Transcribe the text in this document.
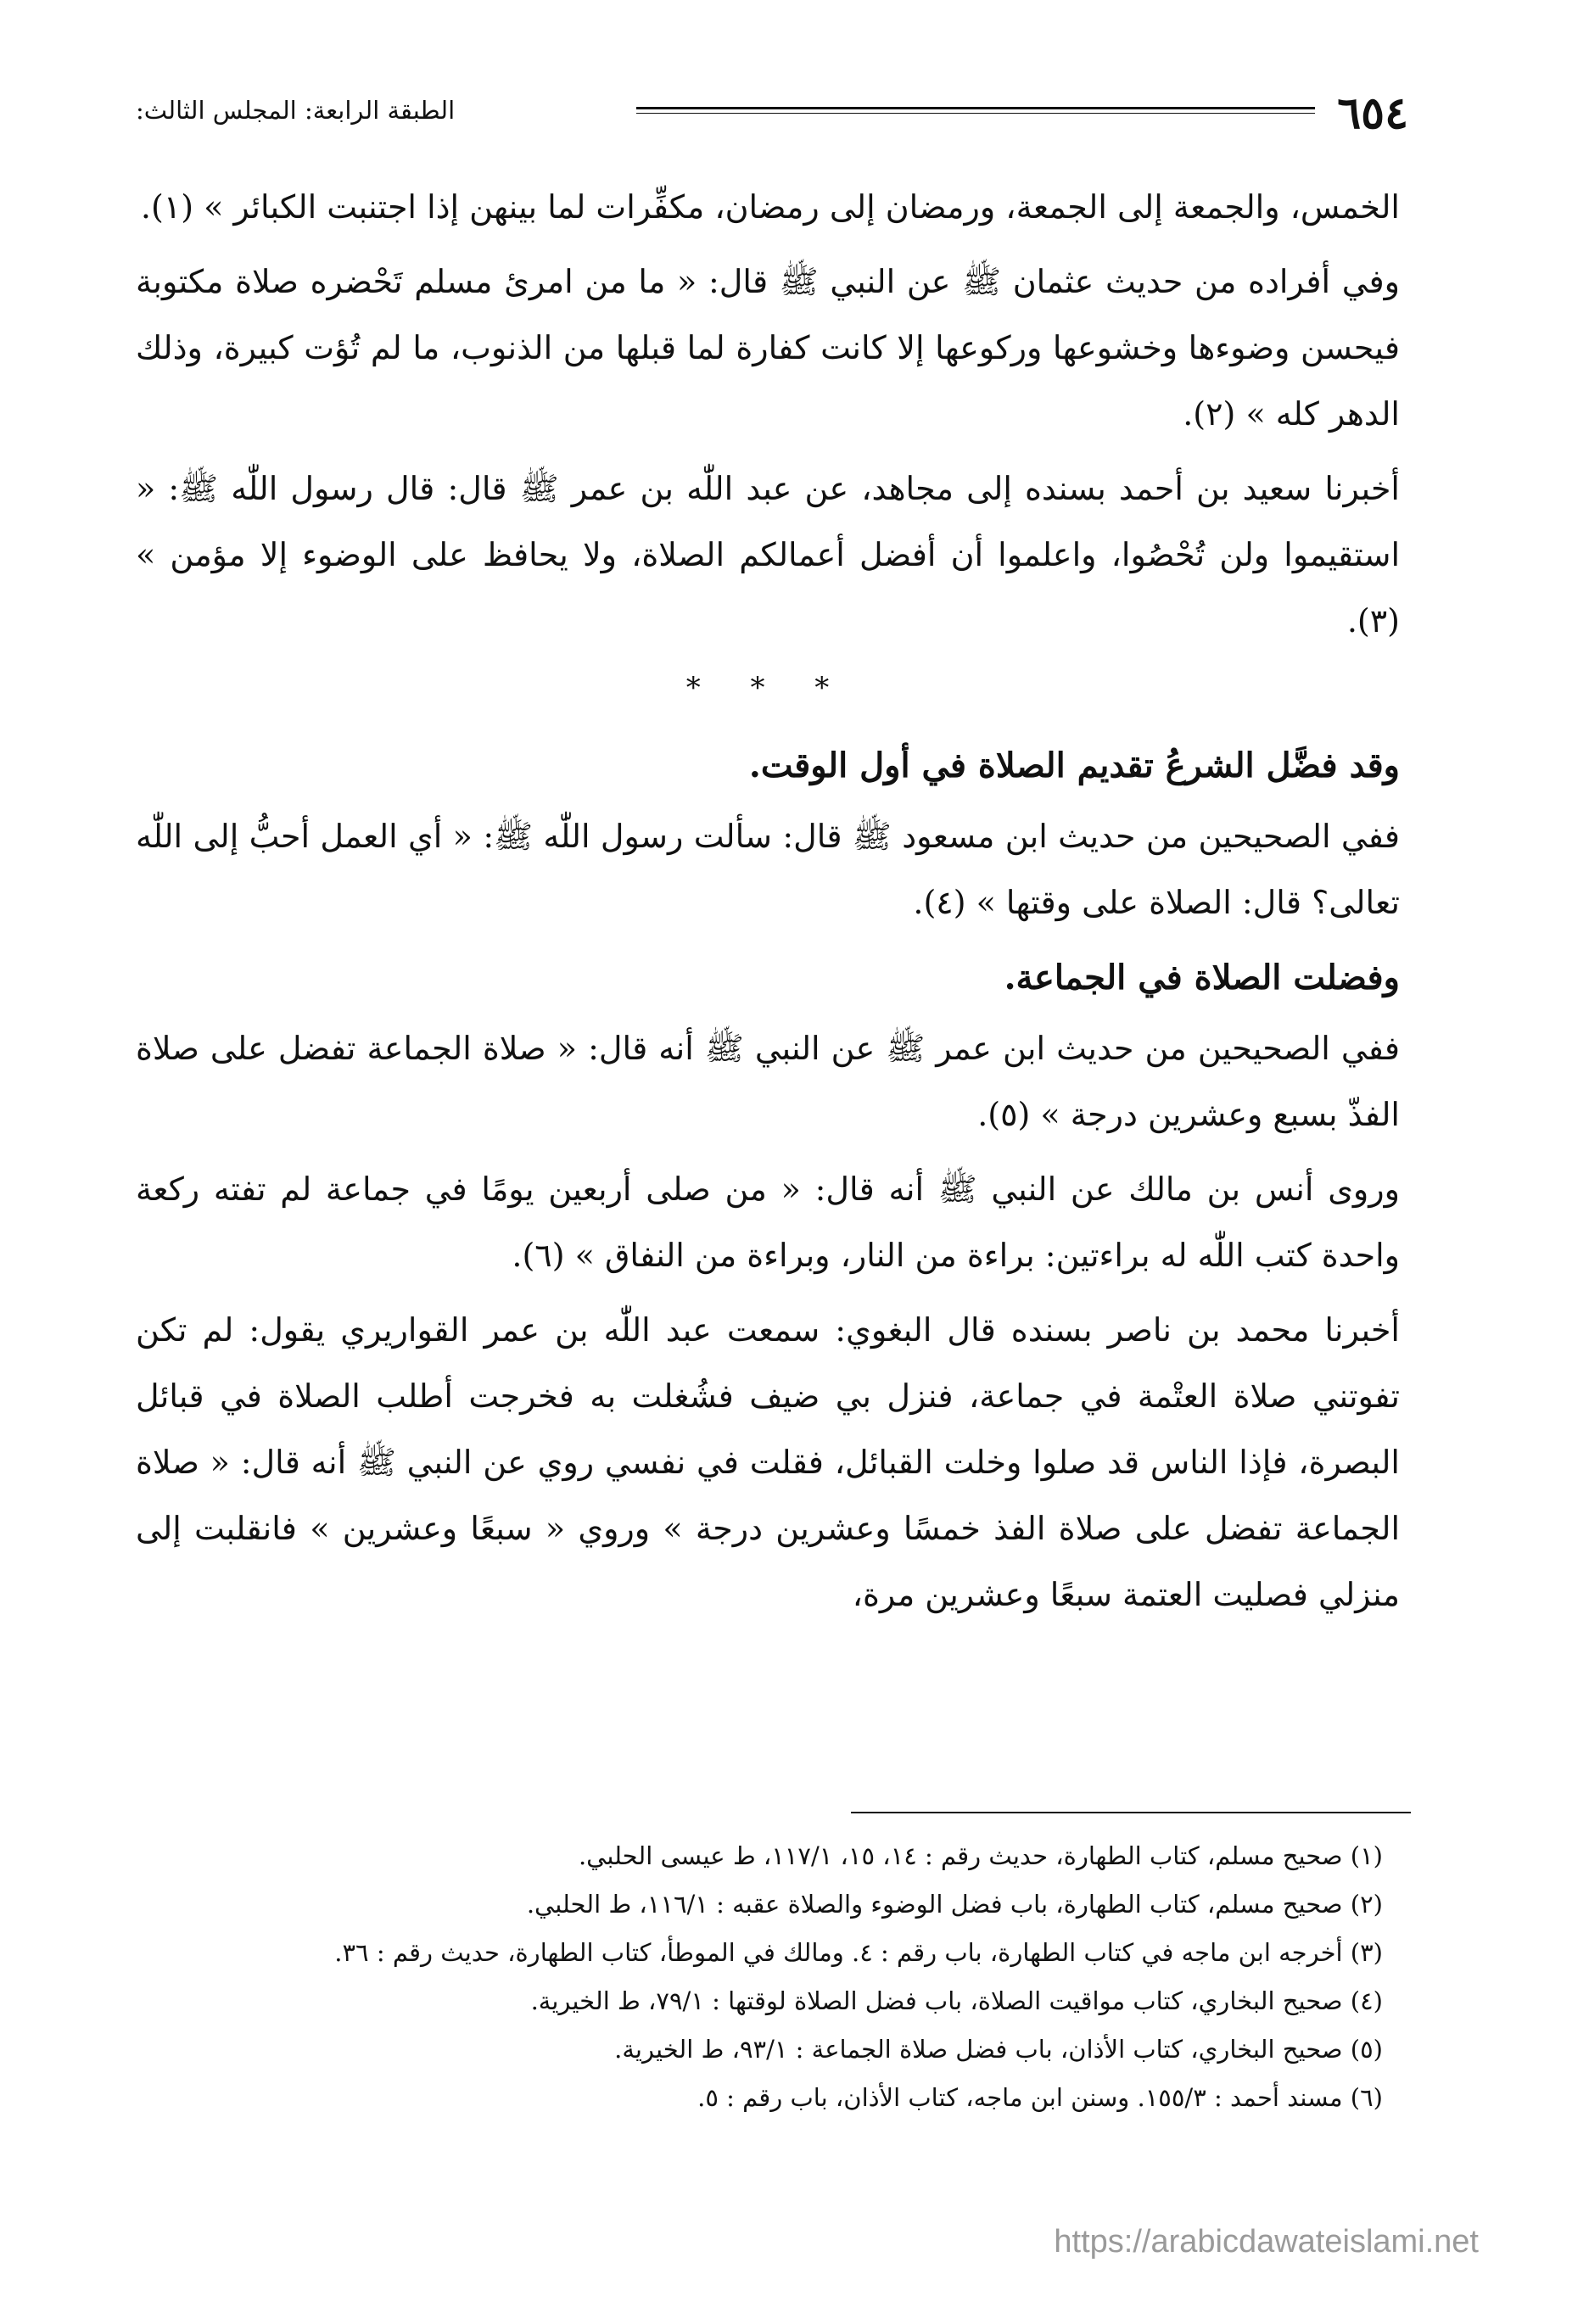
٦٥٤
الطبقة الرابعة: المجلس الثالث:

الخمس، والجمعة إلى الجمعة، ورمضان إلى رمضان، مكفِّرات لما بينهن إذا اجتنبت الكبائر » (١).

وفي أفراده من حديث عثمان ﷺ عن النبي ﷺ قال: « ما من امرئ مسلم تَحْضره صلاة مكتوبة فيحسن وضوءها وخشوعها وركوعها إلا كانت كفارة لما قبلها من الذنوب، ما لم تُؤت كبيرة، وذلك الدهر كله » (٢).

أخبرنا سعيد بن أحمد بسنده إلى مجاهد، عن عبد اللّٰه بن عمر ﷺ قال: قال رسول اللّٰه ﷺ: « استقيموا ولن تُحْصُوا، واعلموا أن أفضل أعمالكم الصلاة، ولا يحافظ على الوضوء إلا مؤمن » (٣).

* * *

وقد فضَّل الشرعُ تقديم الصلاة في أول الوقت.

ففي الصحيحين من حديث ابن مسعود ﷺ قال: سألت رسول اللّٰه ﷺ: « أي العمل أحبُّ إلى اللّٰه تعالى؟ قال: الصلاة على وقتها » (٤).

وفضلت الصلاة في الجماعة.

ففي الصحيحين من حديث ابن عمر ﷺ عن النبي ﷺ أنه قال: « صلاة الجماعة تفضل على صلاة الفذّ بسبع وعشرين درجة » (٥).

وروى أنس بن مالك عن النبي ﷺ أنه قال: « من صلى أربعين يومًا في جماعة لم تفته ركعة واحدة كتب اللّٰه له براءتين: براءة من النار، وبراءة من النفاق » (٦).

أخبرنا محمد بن ناصر بسنده قال البغوي: سمعت عبد اللّٰه بن عمر القواريري يقول: لم تكن تفوتني صلاة العتْمة في جماعة، فنزل بي ضيف فشُغلت به فخرجت أطلب الصلاة في قبائل البصرة، فإذا الناس قد صلوا وخلت القبائل، فقلت في نفسي روي عن النبي ﷺ أنه قال: « صلاة الجماعة تفضل على صلاة الفذ خمسًا وعشرين درجة » وروي « سبعًا وعشرين » فانقلبت إلى منزلي فصليت العتمة سبعًا وعشرين مرة،

(١) صحيح مسلم، كتاب الطهارة، حديث رقم : ١٤، ١٥، ١١٧/١، ط عيسى الحلبي.

(٢) صحيح مسلم، كتاب الطهارة، باب فضل الوضوء والصلاة عقبه : ١١٦/١، ط الحلبي.

(٣) أخرجه ابن ماجه في كتاب الطهارة، باب رقم : ٤. ومالك في الموطأ، كتاب الطهارة، حديث رقم : ٣٦.

(٤) صحيح البخاري، كتاب مواقيت الصلاة، باب فضل الصلاة لوقتها : ٧٩/١، ط الخيرية.

(٥) صحيح البخاري، كتاب الأذان، باب فضل صلاة الجماعة : ٩٣/١، ط الخيرية.

(٦) مسند أحمد : ١٥٥/٣. وسنن ابن ماجه، كتاب الأذان، باب رقم : ٥.

https://arabicdawateislami.net
